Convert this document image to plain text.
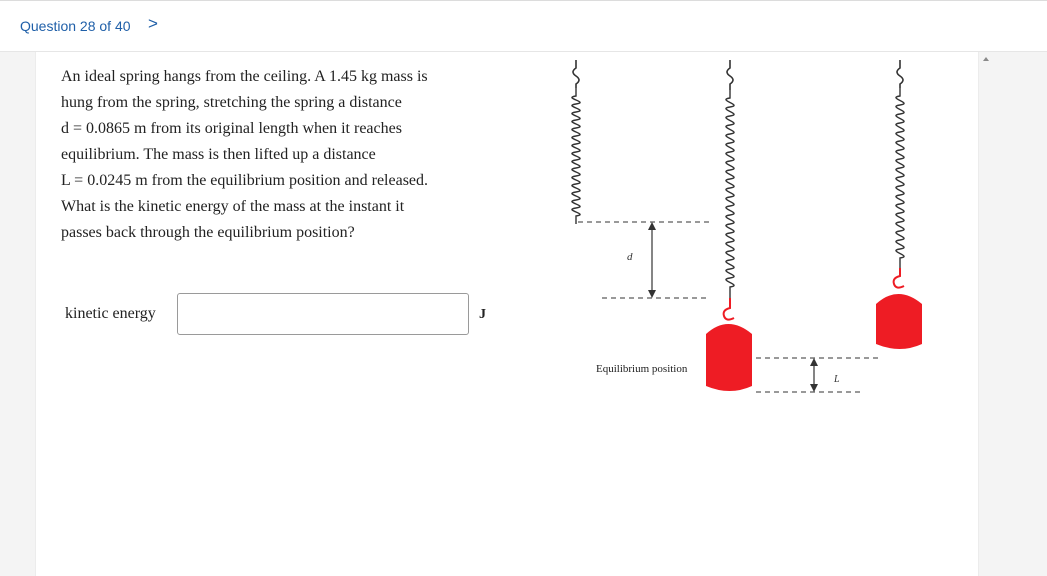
Question 28 of 40 >

An ideal spring hangs from the ceiling. A 1.45 kg mass is

hung from the spring, stretching the spring a distance

d = 0.0865 m from its original length when it reaches

equilibrium. The mass is then lifted up a distance

L = 0.0245 m from the equilibrium position and released.

What is the kinetic energy of the mass at the instant it

passes back through the equilibrium position?

kinetic energy	J
d
Equilibrium position
L
